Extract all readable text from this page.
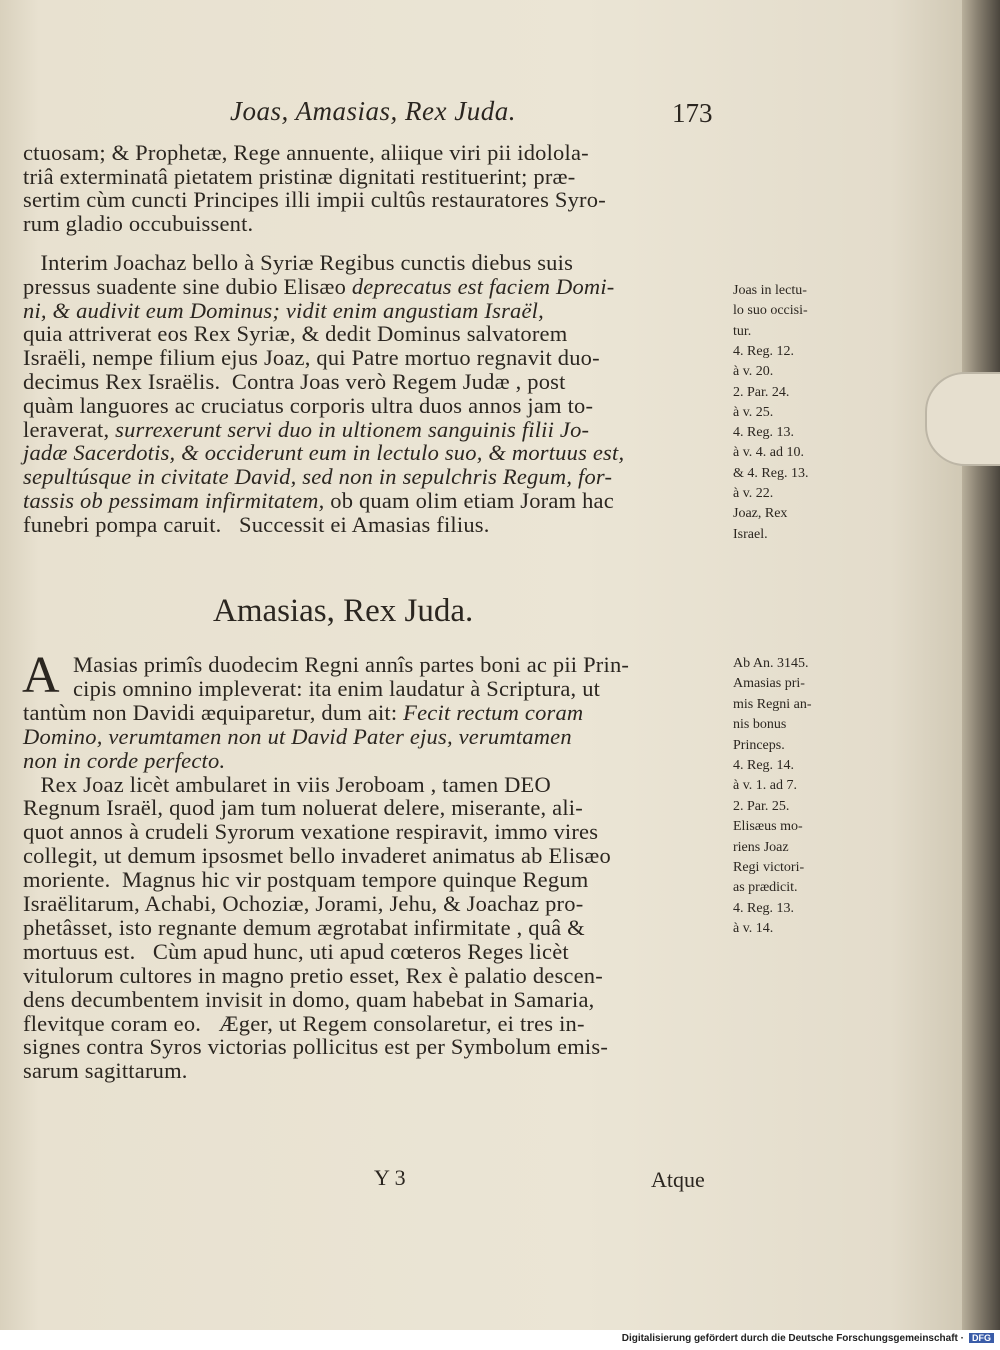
Joas, Amasias, Rex Juda.	173
ctuosam; & Prophetæ, Rege annuente, aliique viri pii idolola-
triâ exterminatâ pietatem pristinæ dignitati restituerint; præ-
sertim cùm cuncti Principes illi impii cultûs restauratores Syro-
rum gladio occubuissent.
Interim Joachaz bello à Syriæ Regibus cunctis diebus suis
pressus suadente sine dubio Elisæo deprecatus est faciem Domi-
ni, & audivit eum Dominus; vidit enim angustiam Israël,
quia attriverat eos Rex Syriæ, & dedit Dominus salvatorem
Israëli, nempe filium ejus Joaz, qui Patre mortuo regnavit duo-
decimus Rex Israëlis.  Contra Joas verò Regem Judæ , post
quàm languores ac cruciatus corporis ultra duos annos jam to-
leraverat, surrexerunt servi duo in ultionem sanguinis filii Jo-
jadæ Sacerdotis, & occiderunt eum in lectulo suo, & mortuus est,
sepultúsque in civitate David, sed non in sepulchris Regum, for-
tassis ob pessimam infirmitatem, ob quam olim etiam Joram hac
funebri pompa caruit.   Successit ei Amasias filius.
Amasias, Rex Juda.
A Masias primîs duodecim Regni annîs partes boni ac pii Prin-
cipis omnino impleverat: ita enim laudatur à Scriptura, ut
tantùm non Davidi æquiparetur, dum ait: Fecit rectum coram
Domino, verumtamen non ut David Pater ejus, verumtamen
non in corde perfecto.
Rex Joaz licèt ambularet in viis Jeroboam , tamen DEO
Regnum Israël, quod jam tum noluerat delere, miserante, ali-
quot annos à crudeli Syrorum vexatione respiravit, immo vires
collegit, ut demum ipsosmet bello invaderet animatus ab Elisæo
moriente.  Magnus hic vir postquam tempore quinque Regum
Israëlitarum, Achabi, Ochoziæ, Jorami, Jehu, & Joachaz pro-
phetâsset, isto regnante demum ægrotabat infirmitate , quâ &
mortuus est.   Cùm apud hunc, uti apud cœteros Reges licèt
vitulorum cultores in magno pretio esset, Rex è palatio descen-
dens decumbentem invisit in domo, quam habebat in Samaria,
flevitque coram eo.   Æger, ut Regem consolaretur, ei tres in-
signes contra Syros victorias pollicitus est per Symbolum emis-
sarum sagittarum.
Joas in lectu-
lo suo occisi-
tur.
4. Reg. 12.
à v. 20.
2. Par. 24.
à v. 25.
4. Reg. 13.
à v. 4. ad 10.
& 4. Reg. 13.
à v. 22.
Joaz, Rex
Israel.
Ab An. 3145.
Amasias pri-
mis Regni an-
nis bonus
Princeps.
4. Reg. 14.
à v. 1. ad 7.
2. Par. 25.
Elisæus mo-
riens Joaz
Regi victori-
as prædicit.
4. Reg. 13.
à v. 14.
Y 3	Atque
Digitalisierung gefördert durch die Deutsche Forschungsgemeinschaft · DFG
